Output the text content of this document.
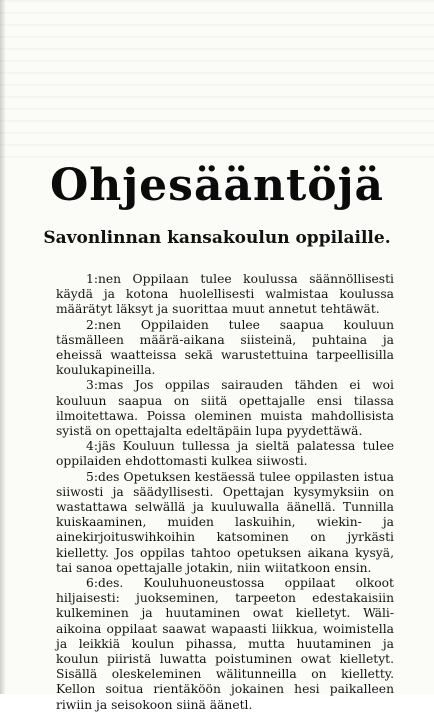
Ohjesääntöjä
Savonlinnan kansakoulun oppilaille.

1:nen Oppilaan tulee koulussa säännöllisesti käydä ja kotona huolellisesti walmistaa koulussa määrätyt läksyt ja suorittaa muut annetut tehtäwät.

2:nen Oppilaiden tulee saapua kouluun täsmälleen määrä-aikana siisteinä, puhtaina ja eheissä waatteissa sekä warustettuina tarpeellisilla koulukapineilla.

3:mas Jos oppilas sairauden tähden ei woi kouluun saapua on siitä opettajalle ensi tilassa ilmoitettawa. Poissa oleminen muista mahdollisista syistä on opettajalta edeltäpäin lupa pyydettäwä.

4:jäs Kouluun tullessa ja sieltä palatessa tulee oppilaiden ehdottomasti kulkea siiwosti.

5:des Opetuksen kestäessä tulee oppilasten istua siiwosti ja säädyllisesti. Opettajan kysymyksiin on wastattawa selwällä ja kuuluwalla äänellä. Tunnilla kuiskaaminen, muiden laskuihin, wiekin- ja ainekirjoituswihkoihin katsominen on jyrkästi kielletty. Jos oppilas tahtoo opetuksen aikana kysyä, tai sanoa opettajalle jotakin, niin wiitatkoon ensin.

6:des. Kouluhuoneustossa oppilaat olkoot hiljaisesti: juokseminen, tarpeeton edestakaisiin kulkeminen ja huutaminen owat kielletyt. Wäli-aikoina oppilaat saawat wapaasti liikkua, woimistella ja leikkiä koulun pihassa, mutta huutaminen ja koulun piiristä luwatta poistuminen owat kielletyt. Sisällä oleskeleminen wälitunneilla on kielletty. Kellon soitua rientäköön jokainen hesi paikalleen riwiin ja seisokoon siinä äänetl.
